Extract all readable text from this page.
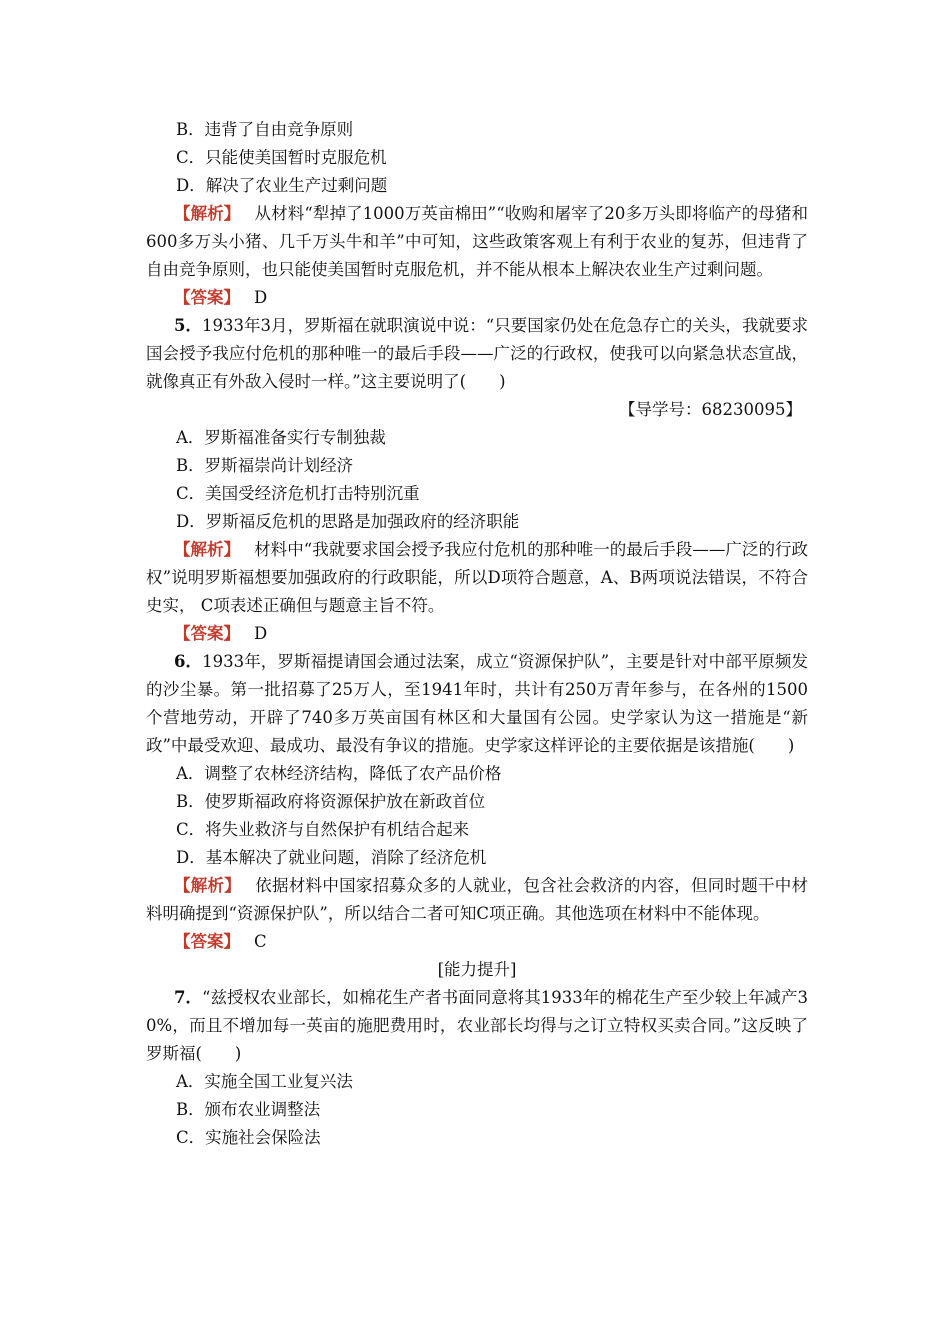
B．违背了自由竞争原则
C．只能使美国暂时克服危机
D．解决了农业生产过剩问题
【解析】 从材料“犁掉了1000万英亩棉田”“收购和屠宰了20多万头即将临产的母猪和600多万头小猪、几千万头牛和羊”中可知，这些政策客观上有利于农业的复苏，但违背了自由竞争原则，也只能使美国暂时克服危机，并不能从根本上解决农业生产过剩问题。
【答案】 D
5．1933年3月，罗斯福在就职演说中说：“只要国家仍处在危急存亡的关头，我就要求国会授予我应付危机的那种唯一的最后手段——广泛的行政权，使我可以向紧急状态宣战，就像真正有外敌入侵时一样。”这主要说明了(　　)
【导学号：68230095】
A．罗斯福准备实行专制独裁
B．罗斯福崇尚计划经济
C．美国受经济危机打击特别沉重
D．罗斯福反危机的思路是加强政府的经济职能
【解析】 材料中“我就要求国会授予我应付危机的那种唯一的最后手段——广泛的行政权”说明罗斯福想要加强政府的行政职能，所以D项符合题意，A、B两项说法错误，不符合史实， C项表述正确但与题意主旨不符。
【答案】 D
6．1933年，罗斯福提请国会通过法案，成立“资源保护队”，主要是针对中部平原频发的沙尘暴。第一批招募了25万人，至1941年时，共计有250万青年参与，在各州的1500个营地劳动，开辟了740多万英亩国有林区和大量国有公园。史学家认为这一措施是“新政”中最受欢迎、最成功、最没有争议的措施。史学家这样评论的主要依据是该措施(　　)
A．调整了农林经济结构，降低了农产品价格
B．使罗斯福政府将资源保护放在新政首位
C．将失业救济与自然保护有机结合起来
D．基本解决了就业问题，消除了经济危机
【解析】 依据材料中国家招募众多的人就业，包含社会救济的内容，但同时题干中材料明确提到“资源保护队”，所以结合二者可知C项正确。其他选项在材料中不能体现。
【答案】 C
[能力提升]
7．“兹授权农业部长，如棉花生产者书面同意将其1933年的棉花生产至少较上年减产30%，而且不增加每一英亩的施肥费用时，农业部长均得与之订立特权买卖合同。”这反映了罗斯福(　　)
A．实施全国工业复兴法
B．颁布农业调整法
C．实施社会保险法
